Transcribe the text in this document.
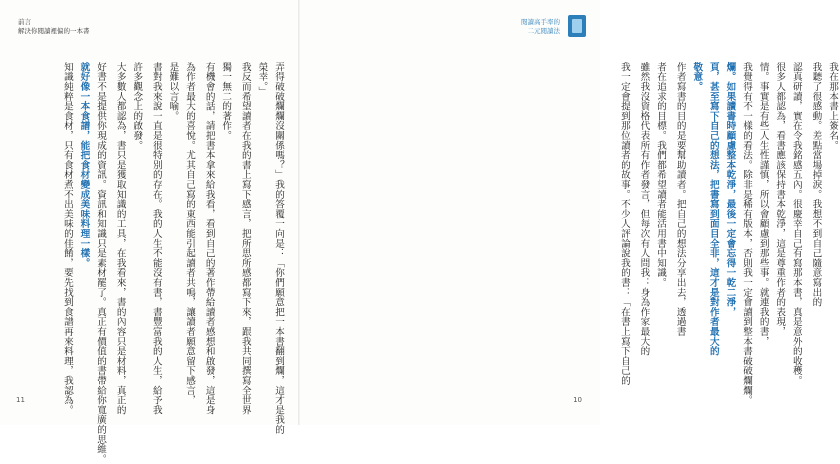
前言
解決你閱讀裡偏的一本書
弄得破破爛爛沒關係嗎？」我的答覆一向是：「你們願意把一本書翻到爛，這才是我的
榮幸。」
我反而希望讀者在我的書上寫下感言，把所思所感都寫下來，跟我共同撰寫全世界
獨一無二的著作。
有機會的話，請把書本拿來給我看，看到自己的著作帶給讀者感想和啟發，這是身
為作者最大的喜悅。尤其自己寫的東西能引起讀者共鳴，讓讀者願意留下感言，
是難以言喻。
書對我來說一直是很特別的存在。我的人生不能沒有書，書豐富我的人生，給予我
許多觀念上的啟發。
大多數人都認為，書只是獲取知識的工具，在我看來，書的內容只是材料，真正的
好書不是提供你現成的資訊。資訊和知識只是素材罷了。真正有價值的書帶給你寬廣的思維。
就好像一本食譜，能把食材變成美味料理一樣。
知識純粹是食材，只有食材煮不出美味的佳餚，要先找到食譜再來料理，我認為。
11
閱讀高手率的
二元閱讀法
我在那本書上簽名。
我聽了很感動。差點當場掉淚。我想不到自己隨意寫出的
認真研讀，實在令我銘感五內。很慶幸自己有寫那本書，真是意外的收穫。
很多人都認為，看書應該保持書本乾淨，這是尊重作者的表現，
情。事實是有些人生性謹慎，所以會顧慮到那些事。就連我的書，
我覺得有不一樣的看法。除非是稀有版本，否則我一定會讀到整本書破破爛爛。
爛。如果讀書時顧慮整本乾淨，最後一定會忘得一乾二淨，
頁，甚至寫下自己的想法，把書寫到面目全非，這才是對作者最大的
敬意。
作者寫書的目的是要幫助讀者。把自己的想法分享出去，透過書
者在追求的目標。我們都希望讀者能活用書中知識。
雖然我沒資格代表所有作者發言，但每次有人問我：身為作家最大的
我一定會提到那位讀者的故事。不少人評論說我的書：「在書上寫下自己的
10
